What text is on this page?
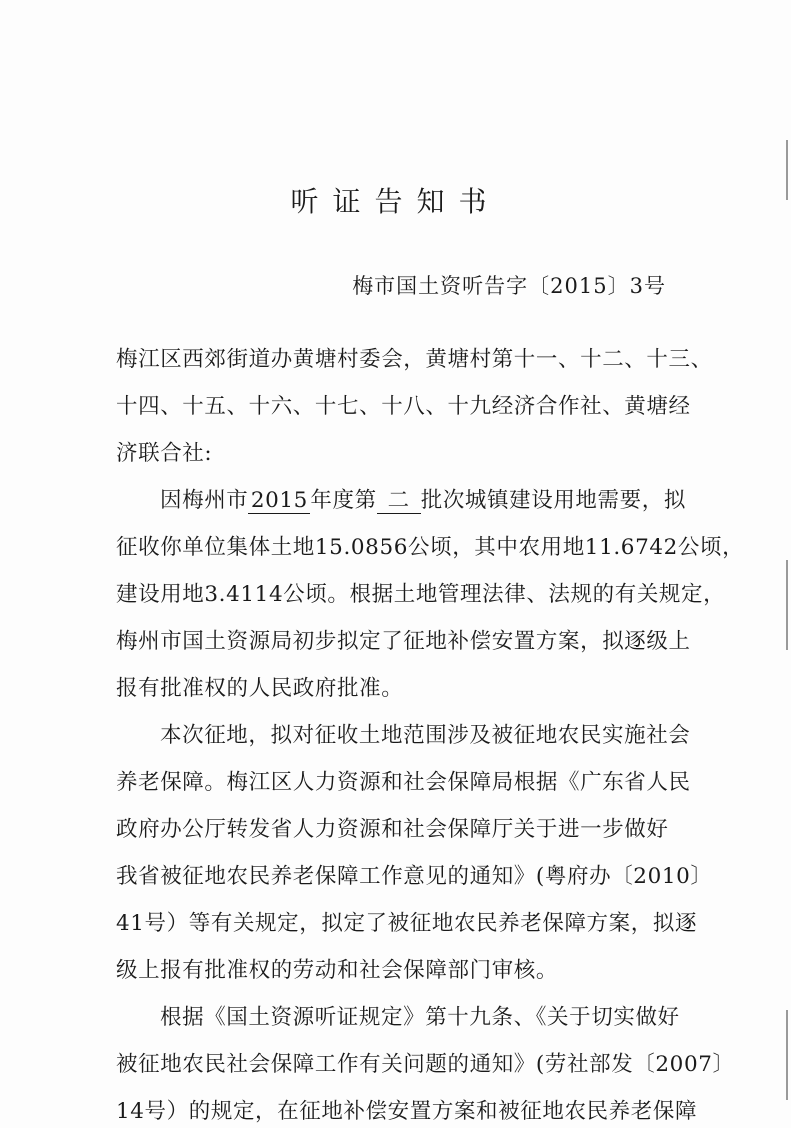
听证告知书
梅市国土资听告字〔2015〕3号
梅江区西郊街道办黄塘村委会，黄塘村第十一、十二、十三、
十四、十五、十六、十七、十八、十九经济合作社、黄塘经
济联合社:
因梅州市 2015 年度第 二 批次城镇建设用地需要，拟
征收你单位集体土地15.0856公顷，其中农用地11.6742公顷，
建设用地3.4114公顷。根据土地管理法律、法规的有关规定，
梅州市国土资源局初步拟定了征地补偿安置方案，拟逐级上
报有批准权的人民政府批准。
本次征地，拟对征收土地范围涉及被征地农民实施社会
养老保障。梅江区人力资源和社会保障局根据《广东省人民
政府办公厅转发省人力资源和社会保障厅关于进一步做好
我省被征地农民养老保障工作意见的通知》(粤府办〔2010〕
41号）等有关规定，拟定了被征地农民养老保障方案，拟逐
级上报有批准权的劳动和社会保障部门审核。
根据《国土资源听证规定》第十九条、《关于切实做好
被征地农民社会保障工作有关问题的通知》(劳社部发〔2007〕
14号）的规定，在征地补偿安置方案和被征地农民养老保障
